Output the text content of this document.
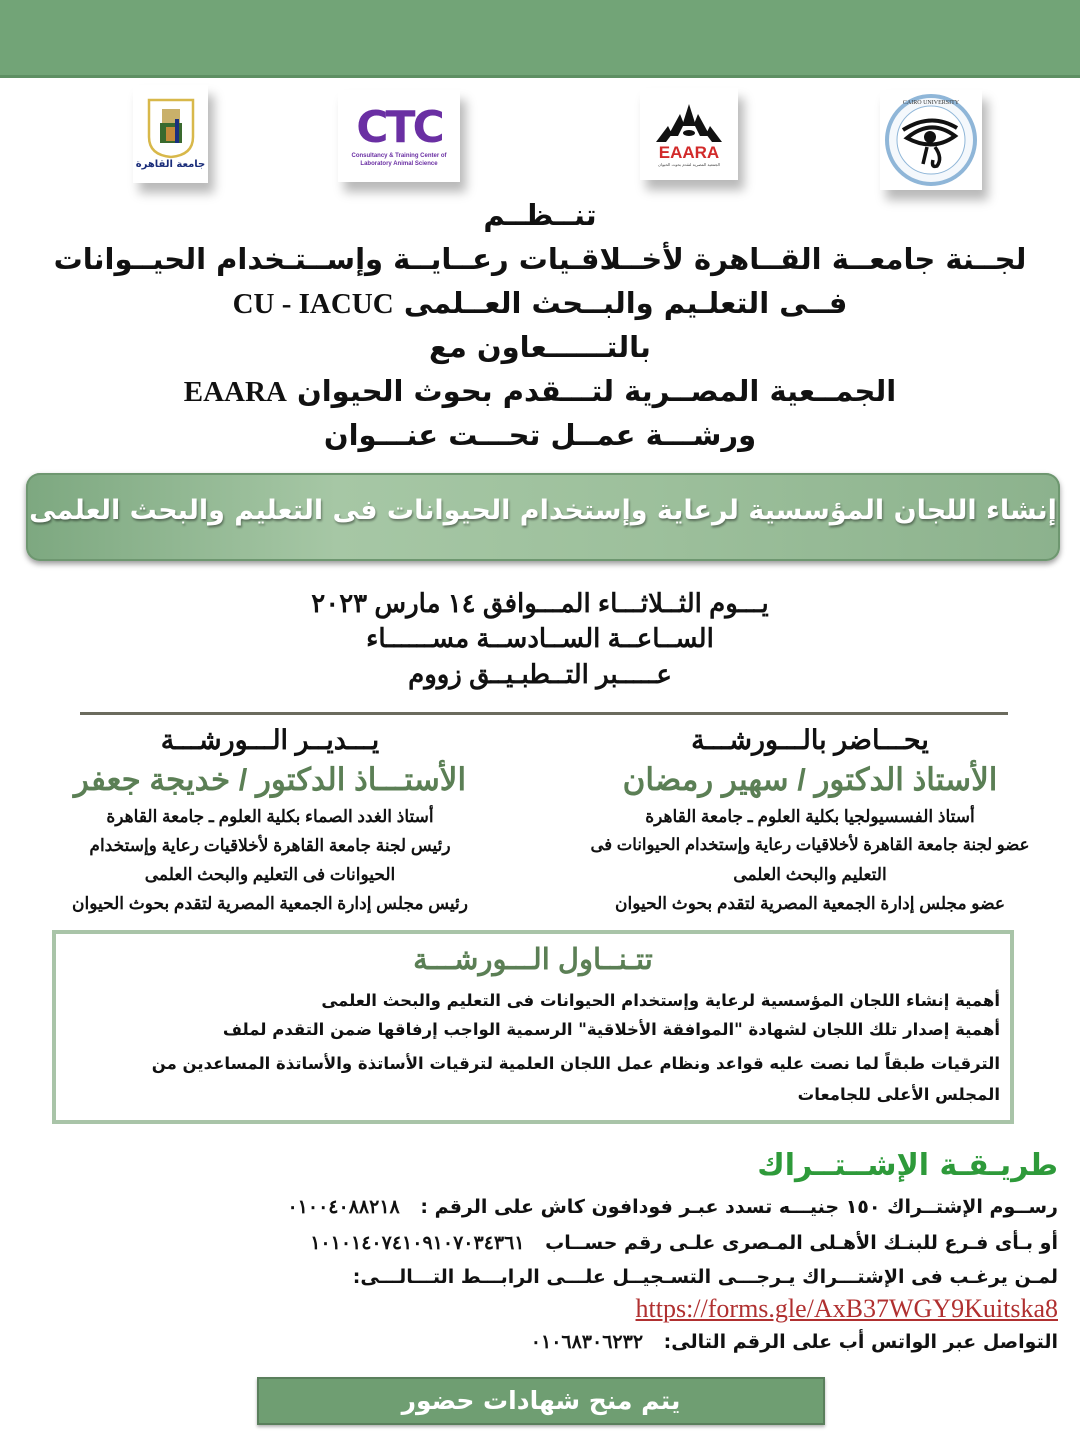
جامعة القاهرة
CTC
Consultancy & Training Center of
Laboratory Animal Science
EAARA
الجمعية المصرية لتقدم بحوث الحيوان
CAIRO UNIVERSITY
تنــظــم
لجــنة جامعــة القــاهرة لأخــلاقـيات رعــايــة وإســتـخدام الحيــوانات
فــى التعلـيم والبــحث العــلمى CU - IACUC
بالتــــــعاون مع
الجمــعية المصــرية لتـــقدم بحوث الحيوان EAARA
ورشـــة عمــل تحـــت عنـــوان
إنشاء اللجان المؤسسية لرعاية وإستخدام الحيوانات فى التعليم والبحث العلمى
يـــوم الثــلاثـــاء المـــوافق ١٤ مارس ٢٠٢٣
الســاعــة الســادســة مســــــاء
عـــــبر التــطبـيــق زووم
يحـــاضر بالـــورشـــة
الأستاذ الدكتور / سهير رمضان
أستاذ الفسسيولجيا بكلية العلوم ـ جامعة القاهرة
عضو لجنة جامعة القاهرة لأخلاقيات رعاية وإستخدام الحيوانات فى
التعليم والبحث العلمى
عضو مجلس إدارة الجمعية المصرية لتقدم بحوث الحيوان
يـــديــر الـــورشـــة
الأستـــاذ الدكتور / خديجة جعفر
أستاذ الغدد الصماء بكلية العلوم ـ جامعة القاهرة
رئيس لجنة جامعة القاهرة لأخلاقيات رعاية وإستخدام
الحيوانات فى التعليم والبحث العلمى
رئيس مجلس إدارة الجمعية المصرية لتقدم بحوث الحيوان
تتـنــاول الـــورشـــة
أهمية إنشاء اللجان المؤسسية لرعاية وإستخدام الحيوانات فى التعليم والبحث العلمى
أهمية إصدار تلك اللجان لشهادة "الموافقة الأخلاقية" الرسمية الواجب إرفاقها ضمن التقدم لملف
الترقيات طبقاً لما نصت عليه قواعد ونظام عمل اللجان العلمية لترقيات الأساتذة والأساتذة المساعدين من
المجلس الأعلى للجامعات
طريـقـة الإشــتــراك
رســوم الإشتــراك ١٥٠ جنيـــه تسدد عبـر فودافون كاش على الرقم : ٠١٠٠٤٠٨٨٢١٨
أو بـأى فـرع للبنـك الأهـلى المـصرى علـى رقم حســاب ١٠١٠١٤٠٧٤١٠٩١٠٧٠٣٤٣٦١
لمـن يرغـب فى الإشتـــراك يـرجـــى التسـجيــل علـــى الرابـــط التـــالـــى:
https://forms.gle/AxB37WGY9Kuitska8
التواصل عبر الواتس أب على الرقم التالى: ٠١٠٦٨٣٠٦٢٣٢
يتم منح شهادات حضور
